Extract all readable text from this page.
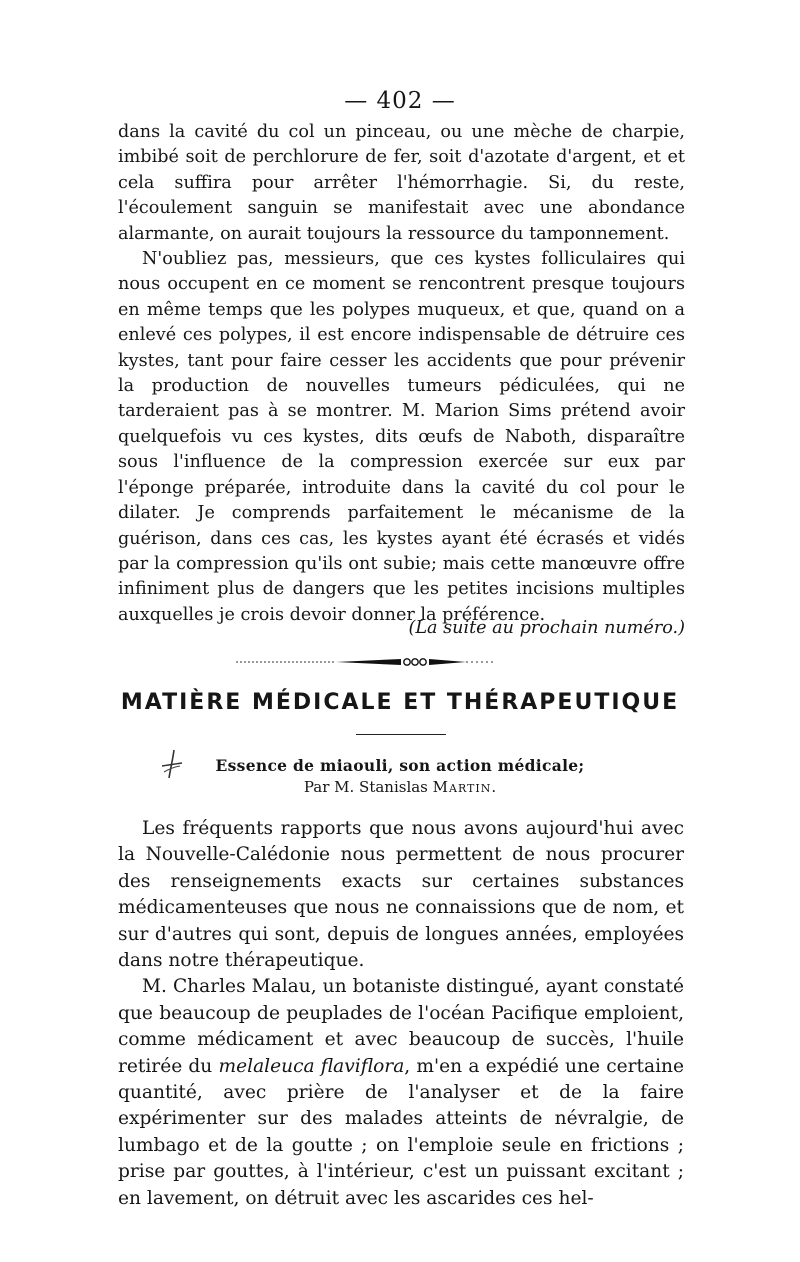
— 402 —

dans la cavité du col un pinceau, ou une mèche de charpie, imbibé soit de perchlorure de fer, soit d'azotate d'argent, et et cela suffira pour arrêter l'hémorrhagie. Si, du reste, l'écoulement sanguin se manifestait avec une abondance alarmante, on aurait toujours la ressource du tamponnement.

N'oubliez pas, messieurs, que ces kystes folliculaires qui nous occupent en ce moment se rencontrent presque toujours en même temps que les polypes muqueux, et que, quand on a enlevé ces polypes, il est encore indispensable de détruire ces kystes, tant pour faire cesser les accidents que pour prévenir la production de nouvelles tumeurs pédiculées, qui ne tarderaient pas à se montrer. M. Marion Sims prétend avoir quelquefois vu ces kystes, dits œufs de Naboth, disparaître sous l'influence de la compression exercée sur eux par l'éponge préparée, introduite dans la cavité du col pour le dilater. Je comprends parfaitement le mécanisme de la guérison, dans ces cas, les kystes ayant été écrasés et vidés par la compression qu'ils ont subie; mais cette manœuvre offre infiniment plus de dangers que les petites incisions multiples auxquelles je crois devoir donner la préférence.

(La suite au prochain numéro.)
MATIÈRE MÉDICALE ET THÉRAPEUTIQUE
Essence de miaouli, son action médicale;
Par M. Stanislas Martin.

Les fréquents rapports que nous avons aujourd'hui avec la Nouvelle-Calédonie nous permettent de nous procurer des renseignements exacts sur certaines substances médicamenteuses que nous ne connaissions que de nom, et sur d'autres qui sont, depuis de longues années, employées dans notre thérapeutique.

M. Charles Malau, un botaniste distingué, ayant constaté que beaucoup de peuplades de l'océan Pacifique emploient, comme médicament et avec beaucoup de succès, l'huile retirée du melaleuca flaviflora, m'en a expédié une certaine quantité, avec prière de l'analyser et de la faire expérimenter sur des malades atteints de névralgie, de lumbago et de la goutte ; on l'emploie seule en frictions ; prise par gouttes, à l'intérieur, c'est un puissant excitant ; en lavement, on détruit avec les ascarides ces hel-
